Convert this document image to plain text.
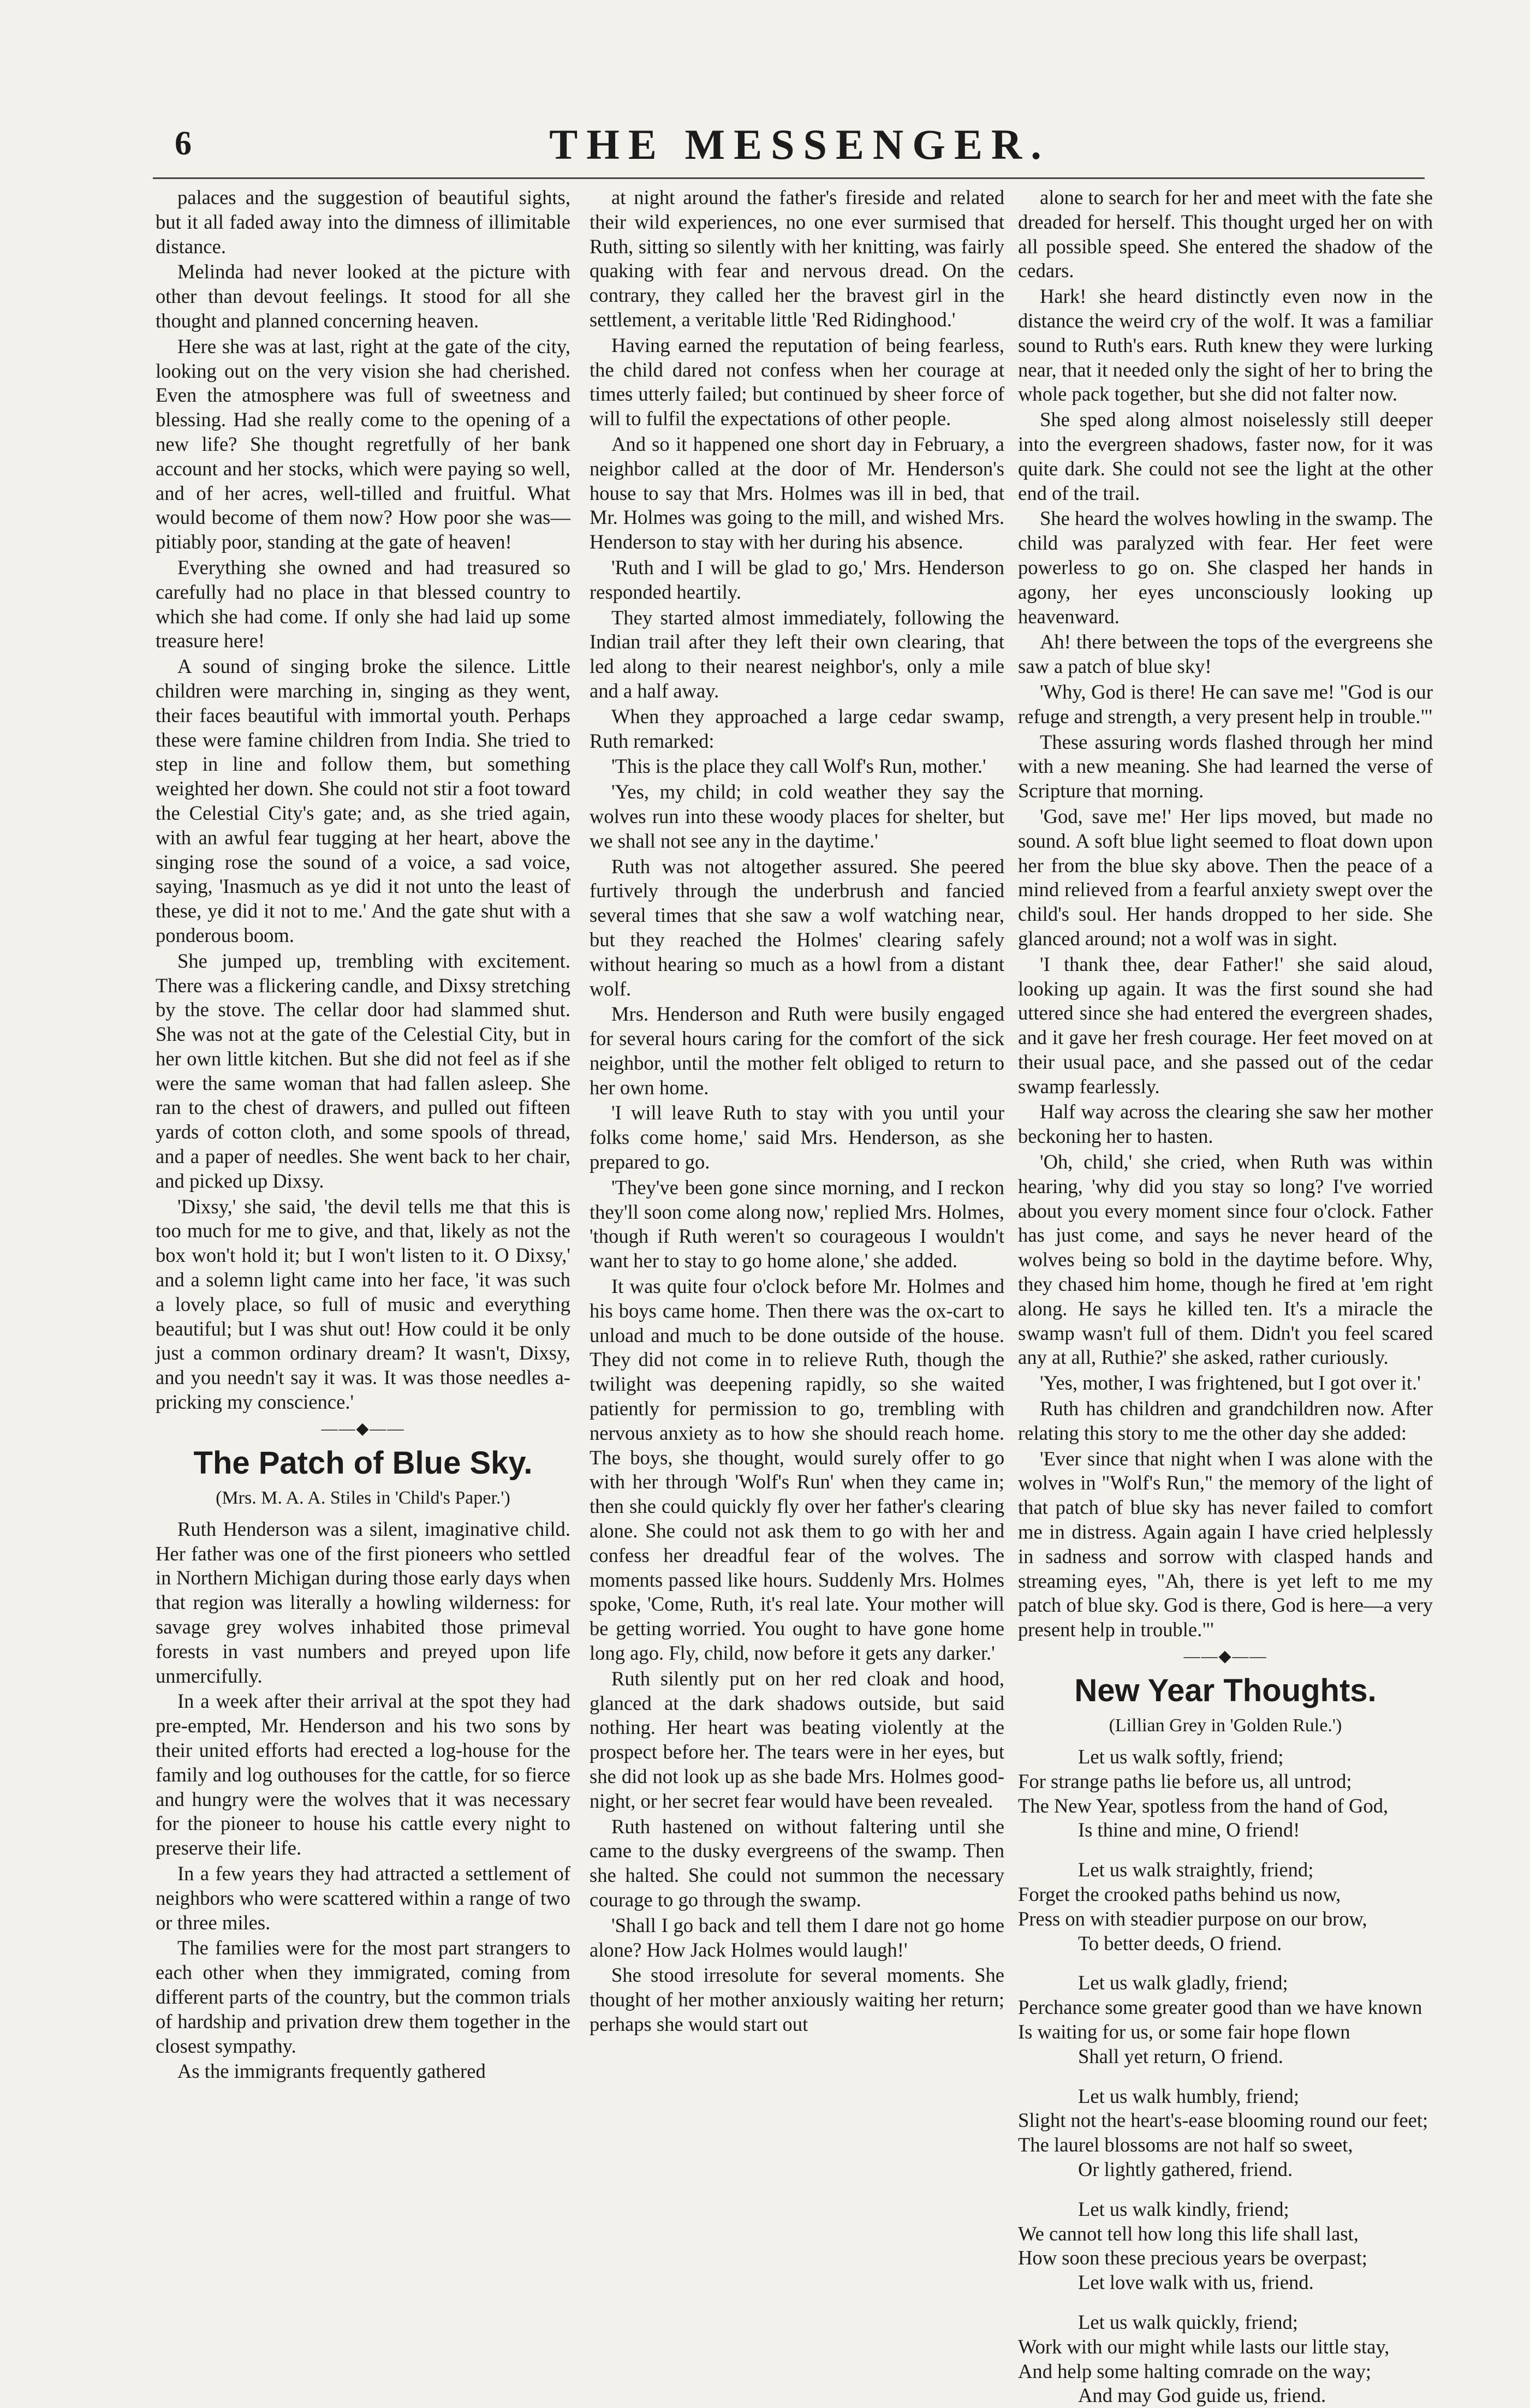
6	THE MESSENGER.

palaces and the suggestion of beautiful sights, but it all faded away into the dimness of illimitable distance.

Melinda had never looked at the picture with other than devout feelings. It stood for all she thought and planned concerning heaven.

Here she was at last, right at the gate of the city, looking out on the very vision she had cherished. Even the atmosphere was full of sweetness and blessing. Had she really come to the opening of a new life? She thought regretfully of her bank account and her stocks, which were paying so well, and of her acres, well-tilled and fruitful. What would become of them now? How poor she was—pitiably poor, standing at the gate of heaven!

Everything she owned and had treasured so carefully had no place in that blessed country to which she had come. If only she had laid up some treasure here!

A sound of singing broke the silence. Little children were marching in, singing as they went, their faces beautiful with immortal youth. Perhaps these were famine children from India. She tried to step in line and follow them, but something weighted her down. She could not stir a foot toward the Celestial City's gate; and, as she tried again, with an awful fear tugging at her heart, above the singing rose the sound of a voice, a sad voice, saying, 'Inasmuch as ye did it not unto the least of these, ye did it not to me.' And the gate shut with a ponderous boom.

She jumped up, trembling with excitement. There was a flickering candle, and Dixsy stretching by the stove. The cellar door had slammed shut. She was not at the gate of the Celestial City, but in her own little kitchen. But she did not feel as if she were the same woman that had fallen asleep. She ran to the chest of drawers, and pulled out fifteen yards of cotton cloth, and some spools of thread, and a paper of needles. She went back to her chair, and picked up Dixsy.

'Dixsy,' she said, 'the devil tells me that this is too much for me to give, and that, likely as not the box won't hold it; but I won't listen to it. O Dixsy,' and a solemn light came into her face, 'it was such a lovely place, so full of music and everything beautiful; but I was shut out! How could it be only just a common ordinary dream? It wasn't, Dixsy, and you needn't say it was. It was those needles a-pricking my conscience.'

——◆——
The Patch of Blue Sky.
(Mrs. M. A. A. Stiles in 'Child's Paper.')

Ruth Henderson was a silent, imaginative child. Her father was one of the first pioneers who settled in Northern Michigan during those early days when that region was literally a howling wilderness: for savage grey wolves inhabited those primeval forests in vast numbers and preyed upon life unmercifully.

In a week after their arrival at the spot they had pre-empted, Mr. Henderson and his two sons by their united efforts had erected a log-house for the family and log outhouses for the cattle, for so fierce and hungry were the wolves that it was necessary for the pioneer to house his cattle every night to preserve their life.

In a few years they had attracted a settlement of neighbors who were scattered within a range of two or three miles.

The families were for the most part strangers to each other when they immigrated, coming from different parts of the country, but the common trials of hardship and privation drew them together in the closest sympathy.

As the immigrants frequently gathered

at night around the father's fireside and related their wild experiences, no one ever surmised that Ruth, sitting so silently with her knitting, was fairly quaking with fear and nervous dread. On the contrary, they called her the bravest girl in the settlement, a veritable little 'Red Ridinghood.'

Having earned the reputation of being fearless, the child dared not confess when her courage at times utterly failed; but continued by sheer force of will to fulfil the expectations of other people.

And so it happened one short day in February, a neighbor called at the door of Mr. Henderson's house to say that Mrs. Holmes was ill in bed, that Mr. Holmes was going to the mill, and wished Mrs. Henderson to stay with her during his absence.

'Ruth and I will be glad to go,' Mrs. Henderson responded heartily.

They started almost immediately, following the Indian trail after they left their own clearing, that led along to their nearest neighbor's, only a mile and a half away.

When they approached a large cedar swamp, Ruth remarked:

'This is the place they call Wolf's Run, mother.'

'Yes, my child; in cold weather they say the wolves run into these woody places for shelter, but we shall not see any in the daytime.'

Ruth was not altogether assured. She peered furtively through the underbrush and fancied several times that she saw a wolf watching near, but they reached the Holmes' clearing safely without hearing so much as a howl from a distant wolf.

Mrs. Henderson and Ruth were busily engaged for several hours caring for the comfort of the sick neighbor, until the mother felt obliged to return to her own home.

'I will leave Ruth to stay with you until your folks come home,' said Mrs. Henderson, as she prepared to go.

'They've been gone since morning, and I reckon they'll soon come along now,' replied Mrs. Holmes, 'though if Ruth weren't so courageous I wouldn't want her to stay to go home alone,' she added.

It was quite four o'clock before Mr. Holmes and his boys came home. Then there was the ox-cart to unload and much to be done outside of the house. They did not come in to relieve Ruth, though the twilight was deepening rapidly, so she waited patiently for permission to go, trembling with nervous anxiety as to how she should reach home. The boys, she thought, would surely offer to go with her through 'Wolf's Run' when they came in; then she could quickly fly over her father's clearing alone. She could not ask them to go with her and confess her dreadful fear of the wolves. The moments passed like hours. Suddenly Mrs. Holmes spoke, 'Come, Ruth, it's real late. Your mother will be getting worried. You ought to have gone home long ago. Fly, child, now before it gets any darker.'

Ruth silently put on her red cloak and hood, glanced at the dark shadows outside, but said nothing. Her heart was beating violently at the prospect before her. The tears were in her eyes, but she did not look up as she bade Mrs. Holmes good-night, or her secret fear would have been revealed.

Ruth hastened on without faltering until she came to the dusky evergreens of the swamp. Then she halted. She could not summon the necessary courage to go through the swamp.

'Shall I go back and tell them I dare not go home alone? How Jack Holmes would laugh!'

She stood irresolute for several moments. She thought of her mother anxiously waiting her return; perhaps she would start out

alone to search for her and meet with the fate she dreaded for herself. This thought urged her on with all possible speed. She entered the shadow of the cedars.

Hark! she heard distinctly even now in the distance the weird cry of the wolf. It was a familiar sound to Ruth's ears. Ruth knew they were lurking near, that it needed only the sight of her to bring the whole pack together, but she did not falter now.

She sped along almost noiselessly still deeper into the evergreen shadows, faster now, for it was quite dark. She could not see the light at the other end of the trail.

She heard the wolves howling in the swamp. The child was paralyzed with fear. Her feet were powerless to go on. She clasped her hands in agony, her eyes unconsciously looking up heavenward.

Ah! there between the tops of the evergreens she saw a patch of blue sky!

'Why, God is there! He can save me! "God is our refuge and strength, a very present help in trouble."'

These assuring words flashed through her mind with a new meaning. She had learned the verse of Scripture that morning.

'God, save me!' Her lips moved, but made no sound. A soft blue light seemed to float down upon her from the blue sky above. Then the peace of a mind relieved from a fearful anxiety swept over the child's soul. Her hands dropped to her side. She glanced around; not a wolf was in sight.

'I thank thee, dear Father!' she said aloud, looking up again. It was the first sound she had uttered since she had entered the evergreen shades, and it gave her fresh courage. Her feet moved on at their usual pace, and she passed out of the cedar swamp fearlessly.

Half way across the clearing she saw her mother beckoning her to hasten.

'Oh, child,' she cried, when Ruth was within hearing, 'why did you stay so long? I've worried about you every moment since four o'clock. Father has just come, and says he never heard of the wolves being so bold in the daytime before. Why, they chased him home, though he fired at 'em right along. He says he killed ten. It's a miracle the swamp wasn't full of them. Didn't you feel scared any at all, Ruthie?' she asked, rather curiously.

'Yes, mother, I was frightened, but I got over it.'

Ruth has children and grandchildren now. After relating this story to me the other day she added:

'Ever since that night when I was alone with the wolves in "Wolf's Run," the memory of the light of that patch of blue sky has never failed to comfort me in distress. Again again I have cried helplessly in sadness and sorrow with clasped hands and streaming eyes, "Ah, there is yet left to me my patch of blue sky. God is there, God is here—a very present help in trouble."'

——◆——
New Year Thoughts.
(Lillian Grey in 'Golden Rule.')
Let us walk softly, friend;
For strange paths lie before us, all untrod;
The New Year, spotless from the hand of God,
Is thine and mine, O friend!
Let us walk straightly, friend;
Forget the crooked paths behind us now,
Press on with steadier purpose on our brow,
To better deeds, O friend.
Let us walk gladly, friend;
Perchance some greater good than we have known
Is waiting for us, or some fair hope flown
Shall yet return, O friend.
Let us walk humbly, friend;
Slight not the heart's-ease blooming round our feet;
The laurel blossoms are not half so sweet,
Or lightly gathered, friend.
Let us walk kindly, friend;
We cannot tell how long this life shall last,
How soon these precious years be overpast;
Let love walk with us, friend.
Let us walk quickly, friend;
Work with our might while lasts our little stay,
And help some halting comrade on the way;
And may God guide us, friend.
